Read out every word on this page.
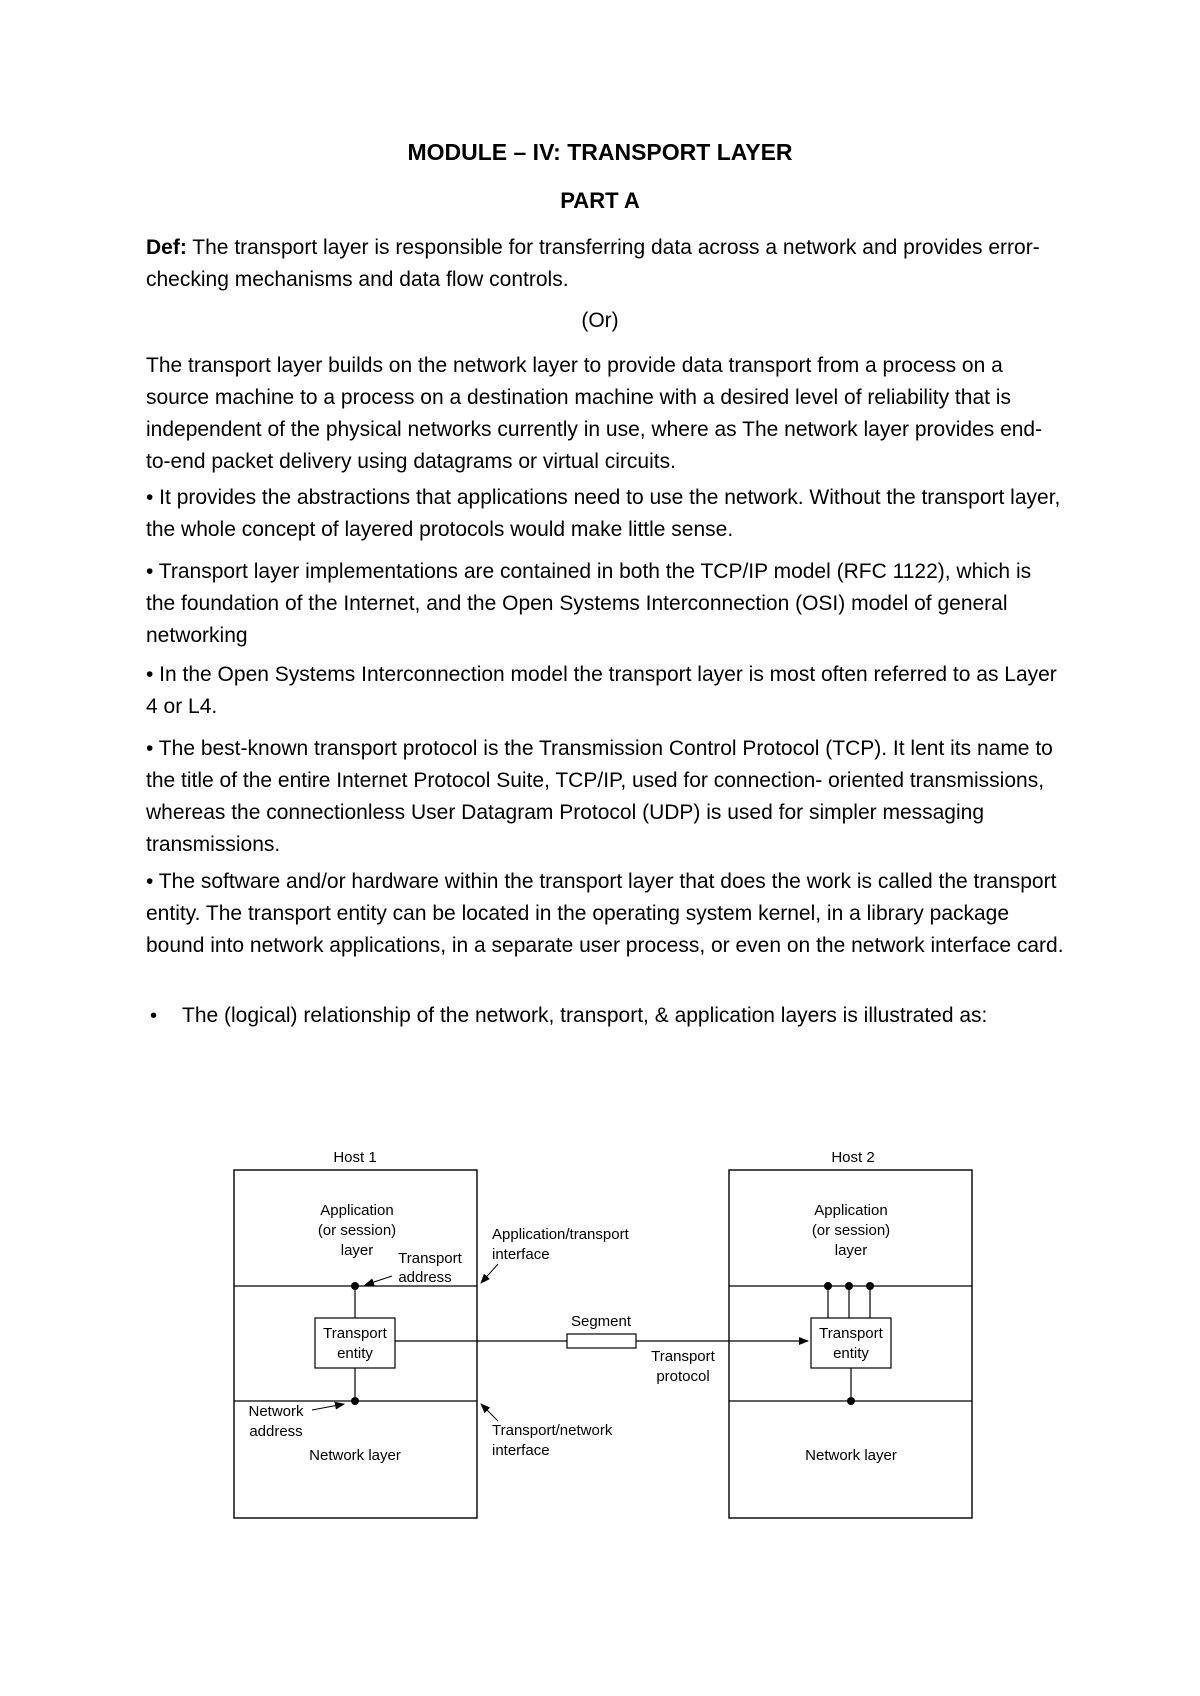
MODULE – IV: TRANSPORT LAYER
PART A
Def: The transport layer is responsible for transferring data across a network and provides error-checking mechanisms and data flow controls.
(Or)
The transport layer builds on the network layer to provide data transport from a process on a source machine to a process on a destination machine with a desired level of reliability that is independent of the physical networks currently in use, where as The network layer provides end-to-end packet delivery using datagrams or virtual circuits.
• It provides the abstractions that applications need to use the network. Without the transport layer, the whole concept of layered protocols would make little sense.
• Transport layer implementations are contained in both the TCP/IP model (RFC 1122), which is the foundation of the Internet, and the Open Systems Interconnection (OSI) model of general networking
• In the Open Systems Interconnection model the transport layer is most often referred to as Layer 4 or L4.
• The best-known transport protocol is the Transmission Control Protocol (TCP). It lent its name to the title of the entire Internet Protocol Suite, TCP/IP, used for connection- oriented transmissions, whereas the connectionless User Datagram Protocol (UDP) is used for simpler messaging transmissions.
• The software and/or hardware within the transport layer that does the work is called the transport entity. The transport entity can be located in the operating system kernel, in a library package bound into network applications, in a separate user process, or even on the network interface card.
•	The (logical) relationship of the network, transport, & application layers is illustrated as:
Host 1	Host 2
Application
(or session)
layer Transport
address
Transport
entity
Network
address
Network layer
Application/transport
interface
Transport/network
interface
Segment
Transport
protocol
Application
(or session)
layer
Transport
entity
Network layer
